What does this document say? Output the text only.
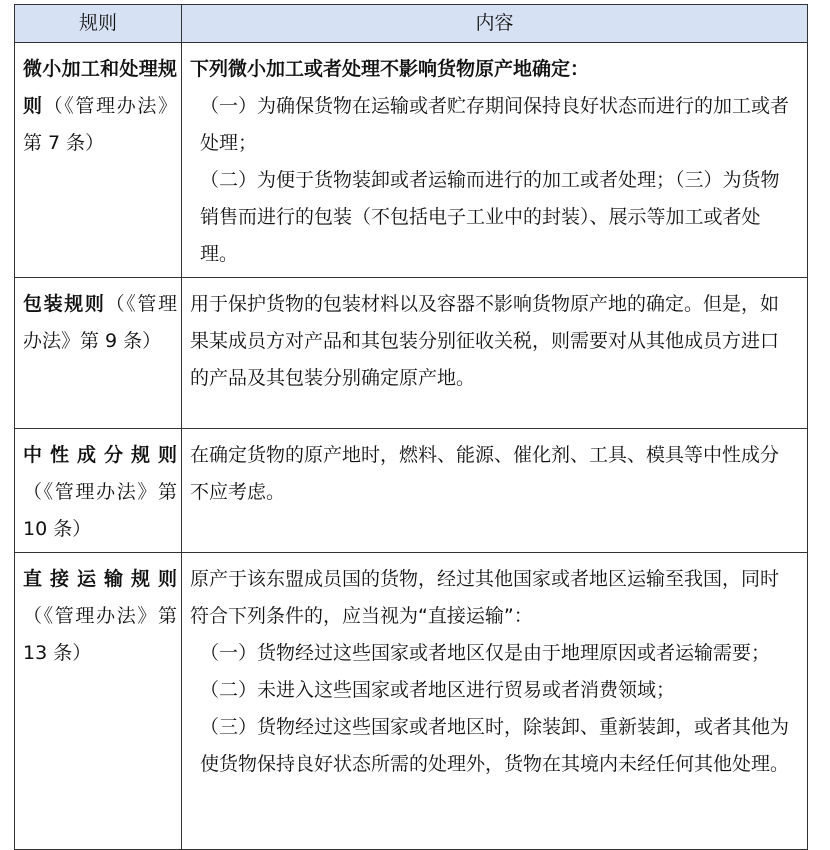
规则	内容
微小加工和处理规则（《管理办法》第 7 条）	下列微小加工或者处理不影响货物原产地确定：

（一）为确保货物在运输或者贮存期间保持良好状态而进行的加工或者处理；

（二）为便于货物装卸或者运输而进行的加工或者处理；（三）为货物销售而进行的包装（不包括电子工业中的封装）、展示等加工或者处理。

包装规则（《管理办法》第 9 条）	用于保护货物的包装材料以及容器不影响货物原产地的确定。但是，如果某成员方对产品和其包装分别征收关税，则需要对从其他成员方进口的产品及其包装分别确定原产地。

中性成分规则（《管理办法》第 10 条）	在确定货物的原产地时，燃料、能源、催化剂、工具、模具等中性成分不应考虑。

直接运输规则（《管理办法》第 13 条）	原产于该东盟成员国的货物，经过其他国家或者地区运输至我国，同时符合下列条件的，应当视为“直接运输”：

（一）货物经过这些国家或者地区仅是由于地理原因或者运输需要；

（二）未进入这些国家或者地区进行贸易或者消费领域；

（三）货物经过这些国家或者地区时，除装卸、重新装卸，或者其他为使货物保持良好状态所需的处理外，货物在其境内未经任何其他处理。
